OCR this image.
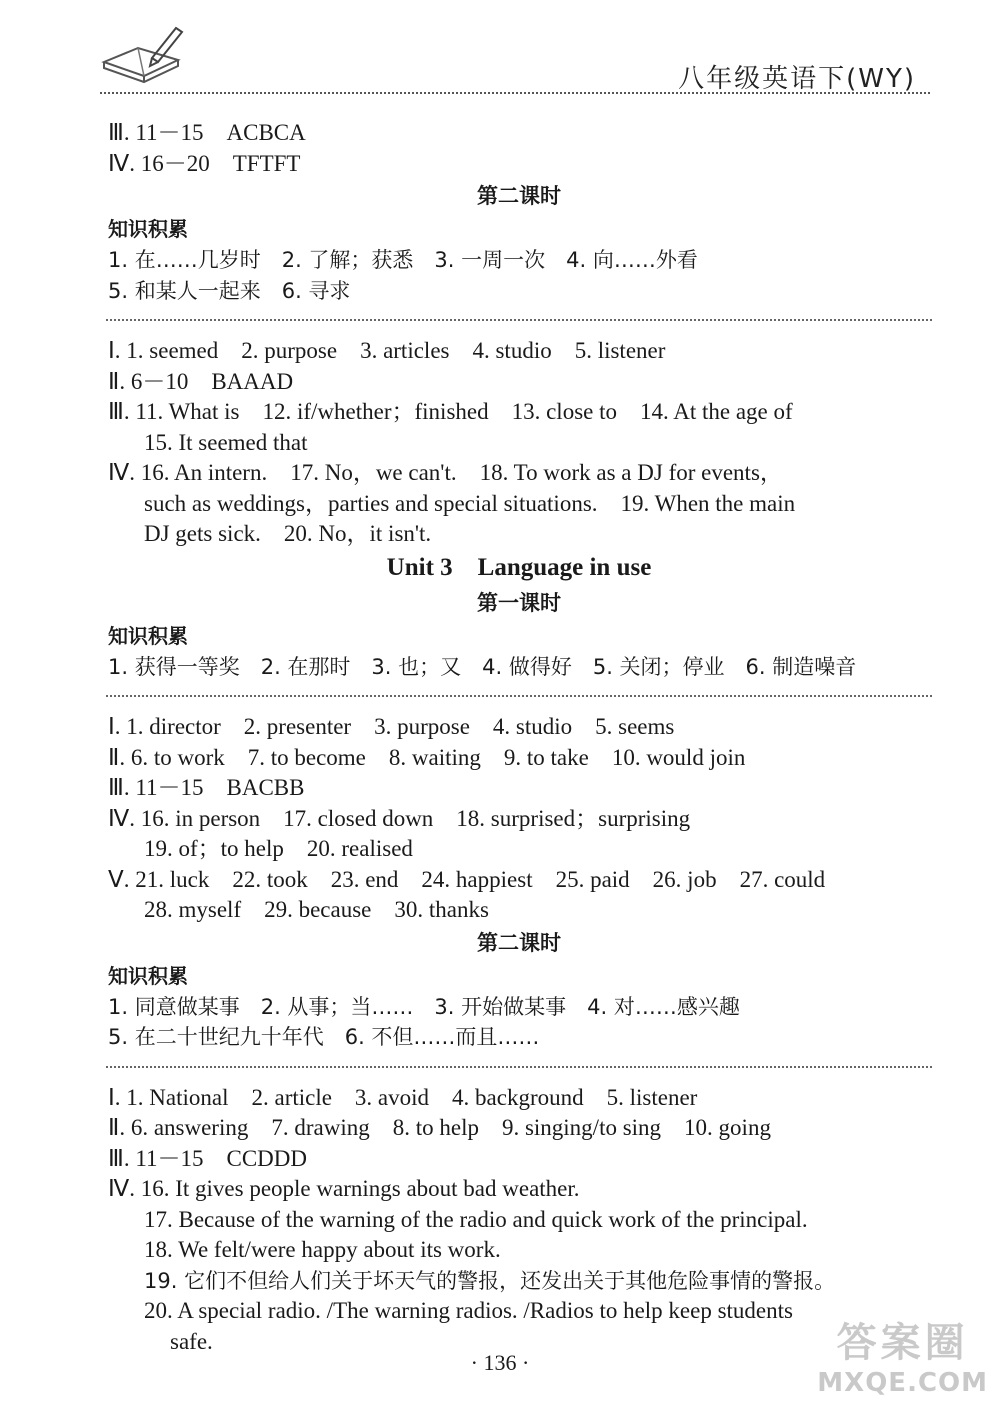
八年级英语下(WY)
Ⅲ. 11－15　ACBCA
Ⅳ. 16－20　TFTFT
第二课时
知识积累
1. 在……几岁时　2. 了解；获悉　3. 一周一次　4. 向……外看
5. 和某人一起来　6. 寻求
Ⅰ. 1. seemed　2. purpose　3. articles　4. studio　5. listener
Ⅱ. 6－10　BAAAD
Ⅲ. 11. What is　12. if/whether；finished　13. close to　14. At the age of
15. It seemed that
Ⅳ. 16. An intern.　17. No，we can't.　18. To work as a DJ for events，
such as weddings，parties and special situations.　19. When the main
DJ gets sick.　20. No，it isn't.
Unit 3　Language in use
第一课时
知识积累
1. 获得一等奖　2. 在那时　3. 也；又　4. 做得好　5. 关闭；停业　6. 制造噪音
Ⅰ. 1. director　2. presenter　3. purpose　4. studio　5. seems
Ⅱ. 6. to work　7. to become　8. waiting　9. to take　10. would join
Ⅲ. 11－15　BACBB
Ⅳ. 16. in person　17. closed down　18. surprised；surprising
19. of；to help　20. realised
Ⅴ. 21. luck　22. took　23. end　24. happiest　25. paid　26. job　27. could
28. myself　29. because　30. thanks
第二课时
知识积累
1. 同意做某事　2. 从事；当……　3. 开始做某事　4. 对……感兴趣
5. 在二十世纪九十年代　6. 不但……而且……
Ⅰ. 1. National　2. article　3. avoid　4. background　5. listener
Ⅱ. 6. answering　7. drawing　8. to help　9. singing/to sing　10. going
Ⅲ. 11－15　CCDDD
Ⅳ. 16. It gives people warnings about bad weather.
17. Because of the warning of the radio and quick work of the principal.
18. We felt/were happy about its work.
19. 它们不但给人们关于坏天气的警报，还发出关于其他危险事情的警报。
20. A special radio. /The warning radios. /Radios to help keep students
safe.
· 136 ·	答案圈
MXQE.COM
